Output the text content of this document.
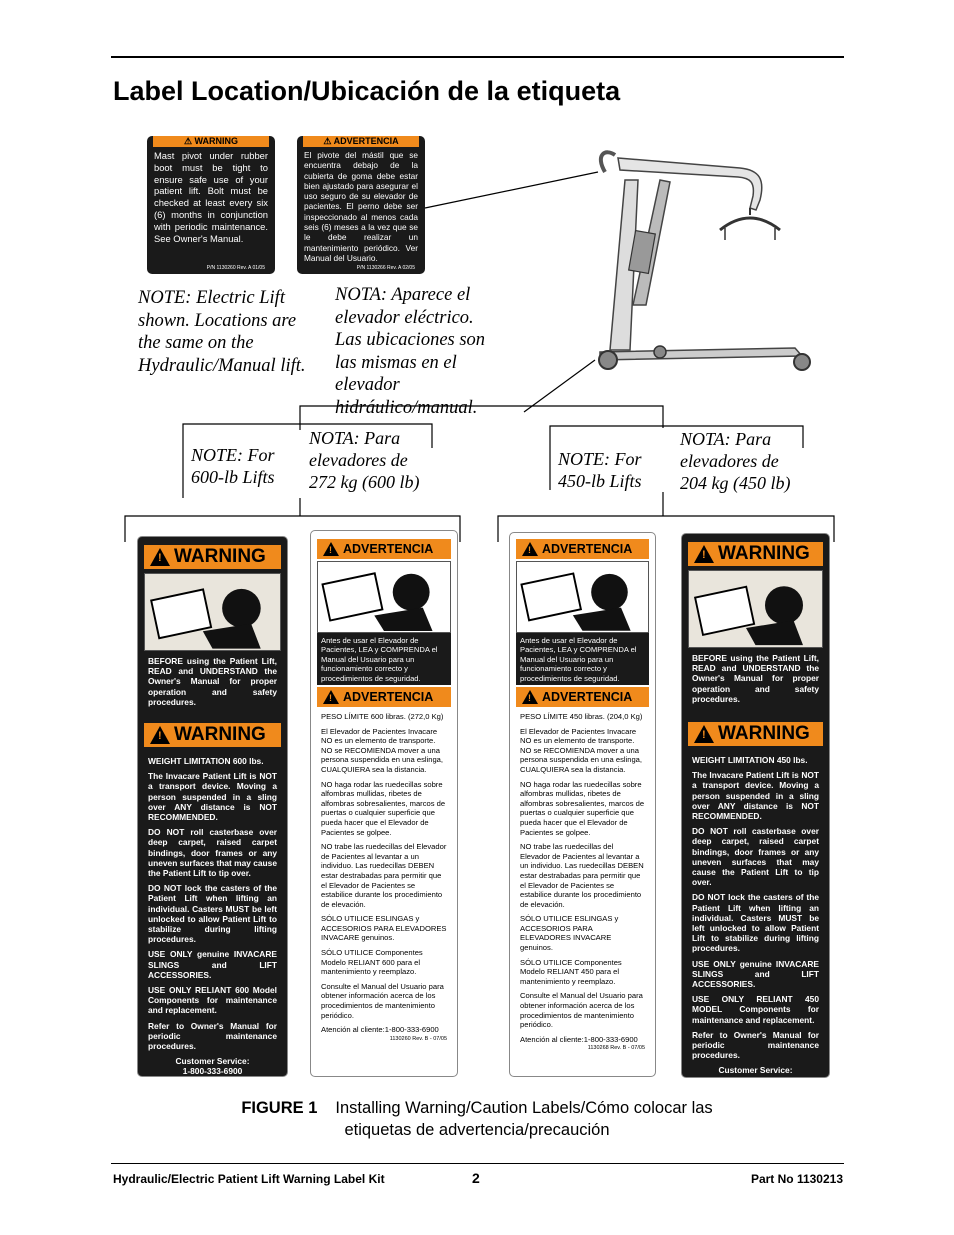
Label Location/Ubicación de la etiqueta
⚠ WARNING
Mast pivot under rubber boot must be tight to ensure safe use of your patient lift. Bolt must be checked at least every six (6) months in conjunction with periodic maintenance. See Owner's Manual.
P/N 1130260 Rev. A 01/05
⚠ ADVERTENCIA
El pivote del mástil que se encuentra debajo de la cubierta de goma debe estar bien ajustado para asegurar el uso seguro de su elevador de pacientes. El perno debe ser inspeccionado al menos cada seis (6) meses a la vez que se le debe realizar un mantenimiento periódico. Ver Manual del Usuario.
P/N 1130266 Rev. A 02/05
NOTE: Electric Lift shown. Locations are the same on the Hydraulic/Manual lift.
NOTA: Aparece el elevador eléctrico. Las ubicaciones son las mismas en el elevador hidráulico/manual.
NOTE: For 600-lb Lifts
NOTA: Para elevadores de 272 kg (600 lb)
NOTE: For 450-lb Lifts
NOTA: Para elevadores de 204 kg (450 lb)
! WARNING
BEFORE using the Patient Lift, READ and UNDERSTAND the Owner's Manual for proper operation and safety procedures.
! WARNING

WEIGHT LIMITATION 600 lbs.

The Invacare Patient Lift is NOT a transport device. Moving a person suspended in a sling over ANY distance is NOT RECOMMENDED.

DO NOT roll casterbase over deep carpet, raised carpet bindings, door frames or any uneven surfaces that may cause the Patient Lift to tip over.

DO NOT lock the casters of the Patient Lift when lifting an individual. Casters MUST be left unlocked to allow Patient Lift to stabilize during lifting procedures.

USE ONLY genuine INVACARE SLINGS and LIFT ACCESSORIES.

USE ONLY RELIANT 600 Model Components for maintenance and replacement.

Refer to Owner's Manual for periodic maintenance procedures.

Customer Service:
1-800-333-6900
Rev. A 04/05 1070965
! ADVERTENCIA
Antes de usar el Elevador de Pacientes, LEA y COMPRENDA el Manual del Usuario para un funcionamiento correcto y procedimientos de seguridad.
! ADVERTENCIA

PESO LÍMITE 600 libras. (272,0 Kg)

El Elevador de Pacientes Invacare NO es un elemento de transporte. NO se RECOMIENDA mover a una persona suspendida en una eslinga, CUALQUIERA sea la distancia.

NO haga rodar las ruedecillas sobre alfombras mullidas, ribetes de alfombras sobresalientes, marcos de puertas o cualquier superficie que pueda hacer que el Elevador de Pacientes se golpee.

NO trabe las ruedecillas del Elevador de Pacientes al levantar a un individuo. Las ruedecillas DEBEN estar destrabadas para permitir que el Elevador de Pacientes se estabilice durante los procedimiento de elevación.

SÓLO UTILICE ESLINGAS y ACCESORIOS PARA ELEVADORES INVACARE genuinos.

SÓLO UTILICE Componentes Modelo RELIANT 600 para el mantenimiento y reemplazo.

Consulte el Manual del Usuario para obtener información acerca de los procedimientos de mantenimiento periódico.

Atención al cliente:1-800-333-6900
1130260 Rev. B - 07/05
! ADVERTENCIA
Antes de usar el Elevador de Pacientes, LEA y COMPRENDA el Manual del Usuario para un funcionamiento correcto y procedimientos de seguridad.
! ADVERTENCIA

PESO LÍMITE 450 libras. (204,0 Kg)

El Elevador de Pacientes Invacare NO es un elemento de transporte. NO se RECOMIENDA mover a una persona suspendida en una eslinga, CUALQUIERA sea la distancia.

NO haga rodar las ruedecillas sobre alfombras mullidas, ribetes de alfombras sobresalientes, marcos de puertas o cualquier superficie que pueda hacer que el Elevador de Pacientes se golpee.

NO trabe las ruedecillas del Elevador de Pacientes al levantar a un individuo. Las ruedecillas DEBEN estar destrabadas para permitir que el Elevador de Pacientes se estabilice durante los procedimiento de elevación.

SÓLO UTILICE ESLINGAS y ACCESORIOS PARA ELEVADORES INVACARE genuinos.

SÓLO UTILICE Componentes Modelo RELIANT 450 para el mantenimiento y reemplazo.

Consulte el Manual del Usuario para obtener información acerca de los procedimientos de mantenimiento periódico.

Atención al cliente:1-800-333-6900
1130268 Rev. B - 07/05
! WARNING
BEFORE using the Patient Lift, READ and UNDERSTAND the Owner's Manual for proper operation and safety procedures.
! WARNING

WEIGHT LIMITATION 450 lbs.

The Invacare Patient Lift is NOT a transport device. Moving a person suspended in a sling over ANY distance is NOT RECOMMENDED.

DO NOT roll casterbase over deep carpet, raised carpet bindings, door frames or any uneven surfaces that may cause the Patient Lift to tip over.

DO NOT lock the casters of the Patient Lift when lifting an individual. Casters MUST be left unlocked to allow Patient Lift to stabilize during lifting procedures.

USE ONLY genuine INVACARE SLINGS and LIFT ACCESSORIES.

USE ONLY RELIANT 450 MODEL Components for maintenance and replacement.

Refer to Owner's Manual for periodic maintenance procedures.

Customer Service:
1-800-333-6900
1073698 Rev. B 07/05
FIGURE 1 Installing Warning/Caution Labels/Cómo colocar las etiquetas de advertencia/precaución
Hydraulic/Electric Patient Lift Warning Label Kit	2	Part No 1130213
